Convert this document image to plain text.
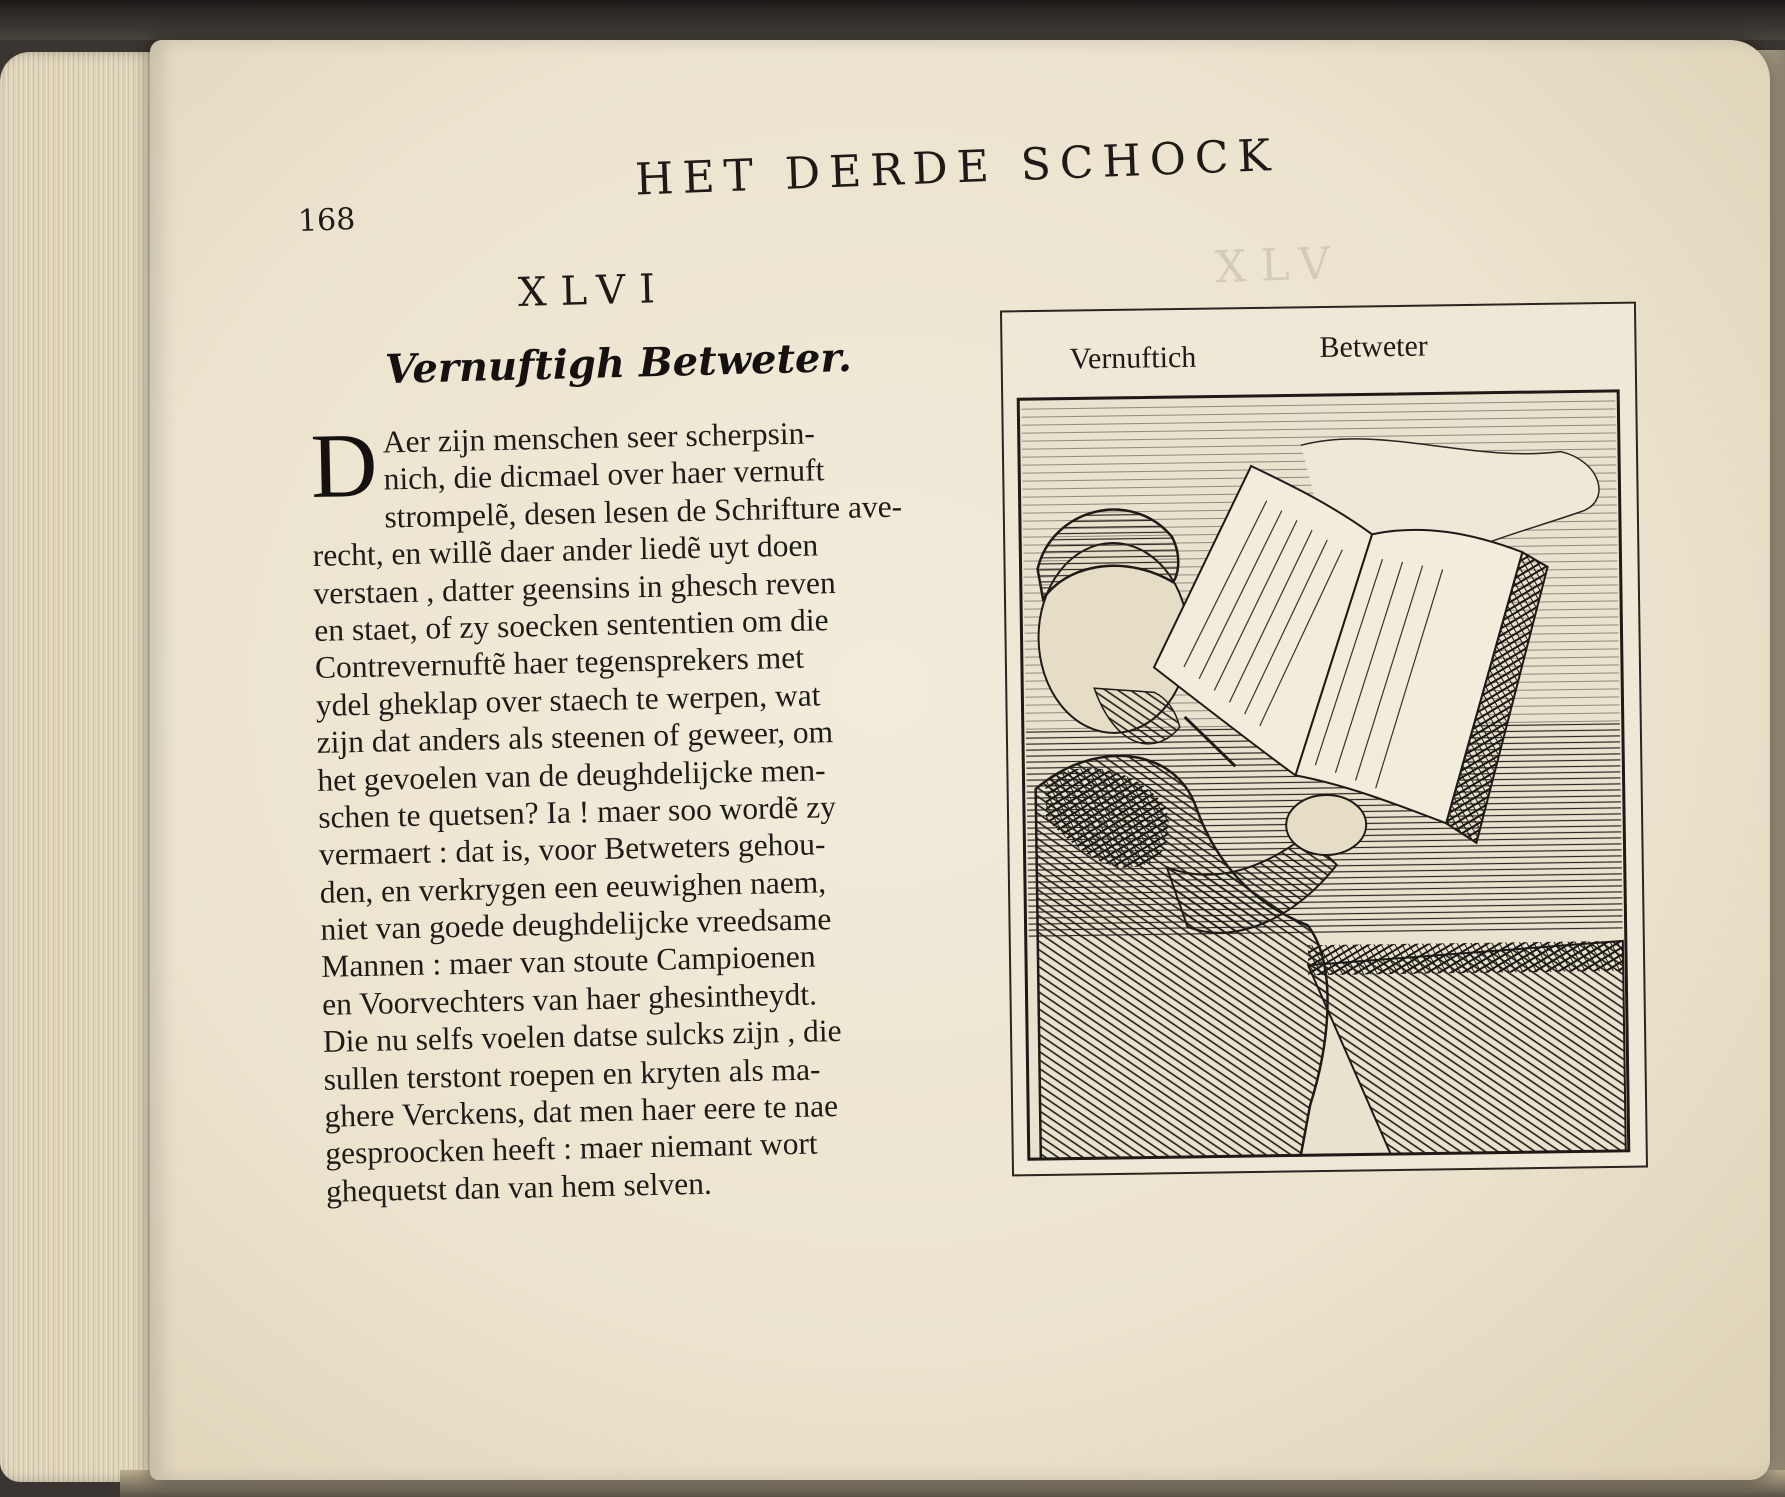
XLV
HET DERDE SCHOCK
168
XLVI
Vernuftigh Betweter.
D Aer zijn menschen seer scherpsin-
nich, die dicmael over haer vernuft
strompelẽ, desen lesen de Schrifture ave-
recht, en willẽ daer ander liedẽ uyt doen
verstaen , datter geensins in ghesch reven
en staet, of zy soecken sententien om die
Contrevernuftẽ haer tegensprekers met
ydel gheklap over staech te werpen, wat
zijn dat anders als steenen of geweer, om
het gevoelen van de deughdelijcke men-
schen te quetsen? Ia ! maer soo wordẽ zy
vermaert : dat is, voor Betweters gehou-
den, en verkrygen een eeuwighen naem,
niet van goede deughdelijcke vreedsame
Mannen : maer van stoute Campioenen
en Voorvechters van haer ghesintheydt.
Die nu selfs voelen datse sulcks zijn , die
sullen terstont roepen en kryten als ma-
ghere Verckens, dat men haer eere te nae
gesproocken heeft : maer niemant wort
ghequetst dan van hem selven.
Vernuftich	Betweter
